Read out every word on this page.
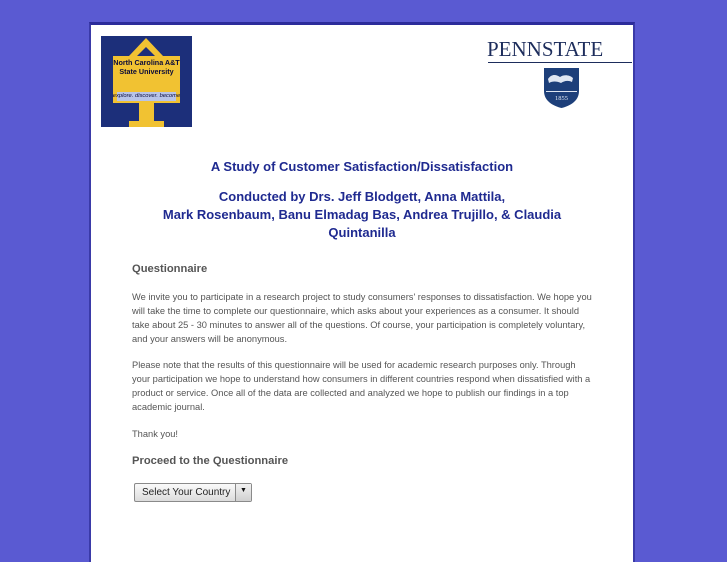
North Carolina A&T
State University
explore. discover. become
PENNSTATE
1855
A Study of Customer Satisfaction/Dissatisfaction
Conducted by Drs. Jeff Blodgett, Anna Mattila,
Mark Rosenbaum, Banu Elmadag Bas, Andrea Trujillo, & Claudia
Quintanilla
Questionnaire

We invite you to participate in a research project to study consumers' responses to dissatisfaction. We hope you will take the time to complete our questionnaire, which asks about your experiences as a consumer. It should take about 25 - 30 minutes to answer all of the questions. Of course, your participation is completely voluntary, and your answers will be anonymous.

Please note that the results of this questionnaire will be used for academic research purposes only. Through your participation we hope to understand how consumers in different countries respond when dissatisfied with a product or service. Once all of the data are collected and analyzed we hope to publish our findings in a top academic journal.

Thank you!

Proceed to the Questionnaire
Select Your Country ▼
